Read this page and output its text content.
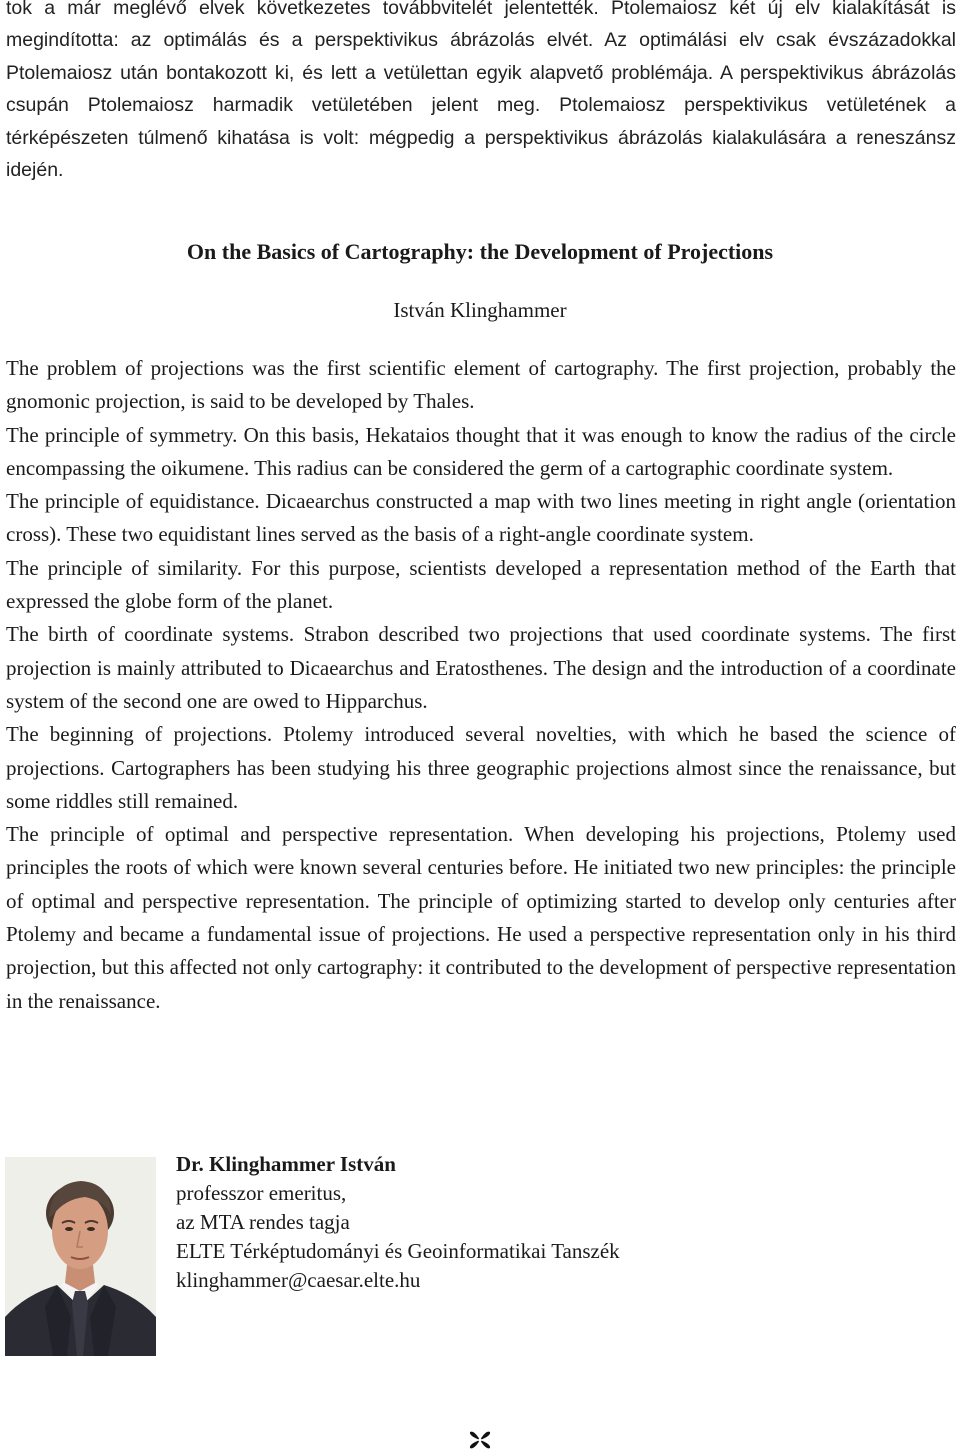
tok a már meglévő elvek következetes továbbvitelét jelentették. Ptolemaiosz két új elv kialakítását is megindította: az optimálás és a perspektivikus ábrázolás elvét. Az optimálási elv csak évszázadokkal Ptolemaiosz után bontakozott ki, és lett a vetülettan egyik alapvető problémája. A perspektivikus ábrázolás csupán Ptolemaiosz harmadik vetületében jelent meg. Ptolemaiosz perspektivikus vetületének a térképészeten túlmenő kihatása is volt: mégpedig a perspektivikus ábrázolás kialakulására a reneszánsz idején.

On the Basics of Cartography: the Development of Projections
István Klinghammer

The problem of projections was the first scientific element of cartography. The first projection, probably the gnomonic projection, is said to be developed by Thales.

The principle of symmetry. On this basis, Hekataios thought that it was enough to know the radius of the circle encompassing the oikumene. This radius can be considered the germ of a cartographic coordinate system.

The principle of equidistance. Dicaearchus constructed a map with two lines meeting in right angle (orientation cross). These two equidistant lines served as the basis of a right-angle coordinate system.

The principle of similarity. For this purpose, scientists developed a representation method of the Earth that expressed the globe form of the planet.

The birth of coordinate systems. Strabon described two projections that used coordinate systems. The first projection is mainly attributed to Dicaearchus and Eratosthenes. The design and the introduction of a coordinate system of the second one are owed to Hipparchus.

The beginning of projections. Ptolemy introduced several novelties, with which he based the science of projections. Cartographers has been studying his three geographic projections almost since the renaissance, but some riddles still remained.

The principle of optimal and perspective representation. When developing his projections, Ptolemy used principles the roots of which were known several centuries before. He initiated two new principles: the principle of optimal and perspective representation. The principle of optimizing started to develop only centuries after Ptolemy and became a fundamental issue of projections. He used a perspective representation only in his third projection, but this affected not only cartography: it contributed to the development of perspective representation in the renaissance.

Dr. Klinghammer István
professzor emeritus,
az MTA rendes tagja
ELTE Térképtudományi és Geoinformatikai Tanszék
klinghammer@caesar.elte.hu
